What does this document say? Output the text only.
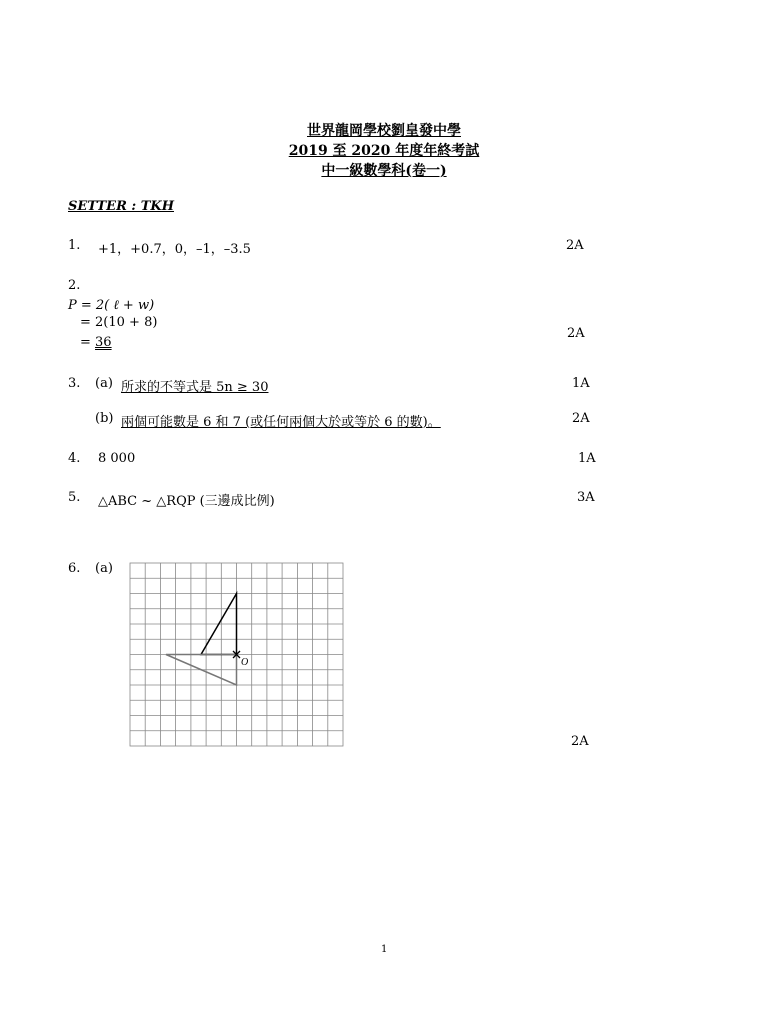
世界龍岡學校劉皇發中學
2019 至 2020 年度年終考試
中一級數學科(卷一)
SETTER : TKH
1. +1，+0.7，0，–1，–3.5	2A
2.
P = 2( ℓ + w)
= 2(10 + 8)
= 36
2A
3. (a) 所求的不等式是 5n ≥ 30	1A
(b) 兩個可能數是 6 和 7 (或任何兩個大於或等於 6 的數)。	2A
4. 8 000	1A
5. △ABC ~ △RQP (三邊成比例)	3A
6. (a)
O
2A
1
